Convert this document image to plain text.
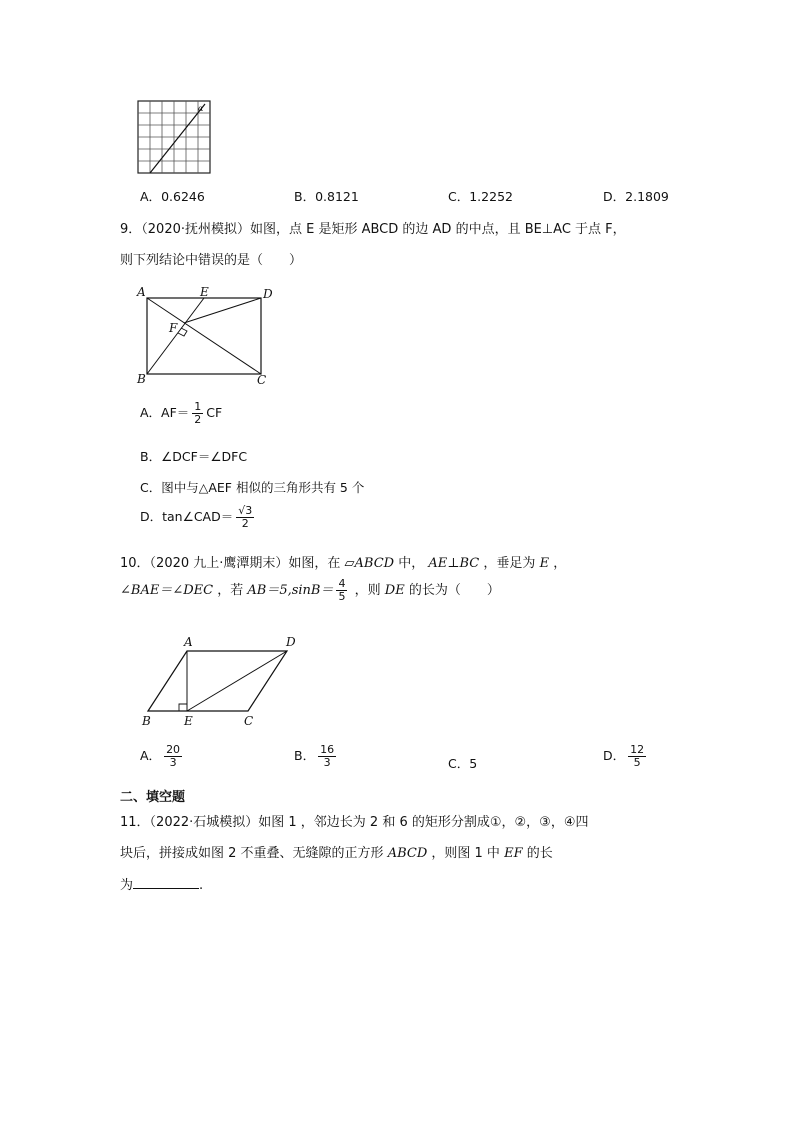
α
A．0.6246	B．0.8121	C．1.2252	D．2.1809
9．（2020·抚州模拟）如图，点 E 是矩形 ABCD 的边 AD 的中点，且 BE⊥AC 于点 F，
则下列结论中错误的是（　　）
A	E	D
F
B	C
A．$AF= \frac{1}{2}$ CF
B．∠DCF＝∠DFC
C．图中与△AEF 相似的三角形共有 5 个
D．tan∠CAD＝ $\frac{√3}{2}$
10．（2020 九上·鹰潭期末）如图，在 ▱ABCD 中， AE⊥BC ，垂足为 E ，
∠BAE＝∠DEC ，若 $AB=5,\sin B= \frac{4}{5}$ ，则 DE 的长为（　　）
A	D
B	E	C
A． $\frac{20}{3}$	B． $\frac{16}{3}$	C．5
D． $\frac{12}{5}$
二、填空题
11．（2022·石城模拟）如图 1 ，邻边长为 2 和 6 的矩形分割成①，②，③，④四
块后，拼接成如图 2 不重叠、无缝隙的正方形 ABCD ，则图 1 中 EF 的长
为	.
